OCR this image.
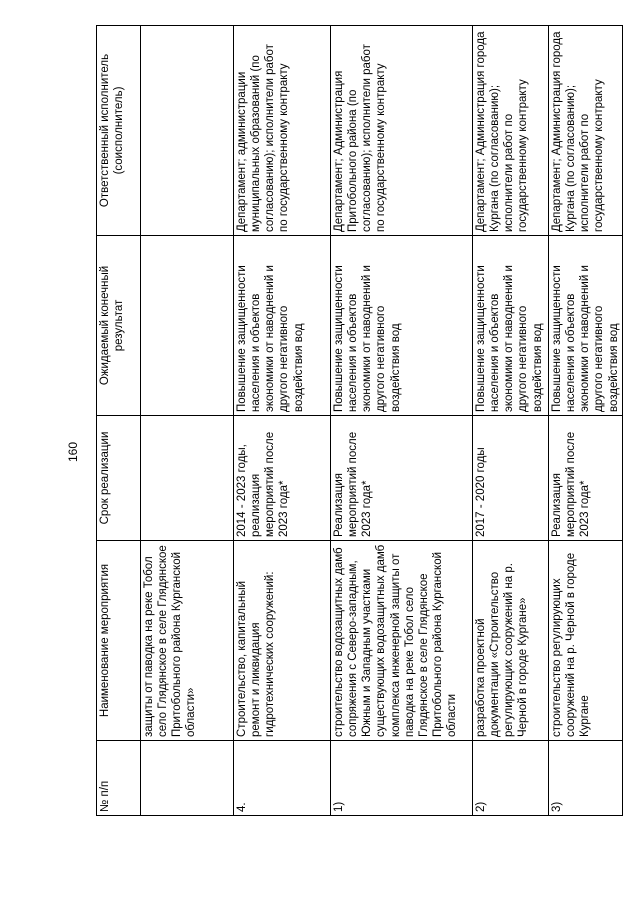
160
№ п/п	Наименование мероприятия	Срок реализации	Ожидаемый конечный результат	Ответственный исполнитель (соисполнитель)
	защиты от паводка на реке Тобол село Глядянское в селе Глядянское Притобольного района Курганской области»			
4.	Строительство, капитальный ремонт и ликвидация гидротехнических сооружений:	2014 - 2023 годы, реализация мероприятий после 2023 года*	Повышение защищенности населения и объектов экономики от наводнений и другого негативного воздействия вод	Департамент; администрации муниципальных образований (по согласованию); исполнители работ по государственному контракту
1)	строительство водозащитных дамб сопряжения с Северо-западным, Южным и Западным участками существующих водозащитных дамб комплекса инженерной защиты от паводка на реке Тобол село Глядянское в селе Глядянское Притобольного района Курганской области	Реализация мероприятий после 2023 года*	Повышение защищенности населения и объектов экономики от наводнений и другого негативного воздействия вод	Департамент; Администрация Притобольного района (по согласованию); исполнители работ по государственному контракту
2)	разработка проектной документации «Строительство регулирующих сооружений на р. Черной в городе Кургане»	2017 - 2020 годы	Повышение защищенности населения и объектов экономики от наводнений и другого негативного воздействия вод	Департамент; Администрация города Кургана (по согласованию); исполнители работ по государственному контракту
3)	строительство регулирующих сооружений на р. Черной в городе Кургане	Реализация мероприятий после 2023 года*	Повышение защищенности населения и объектов экономики от наводнений и другого негативного воздействия вод	Департамент; Администрация города Кургана (по согласованию); исполнители работ по государственному контракту
